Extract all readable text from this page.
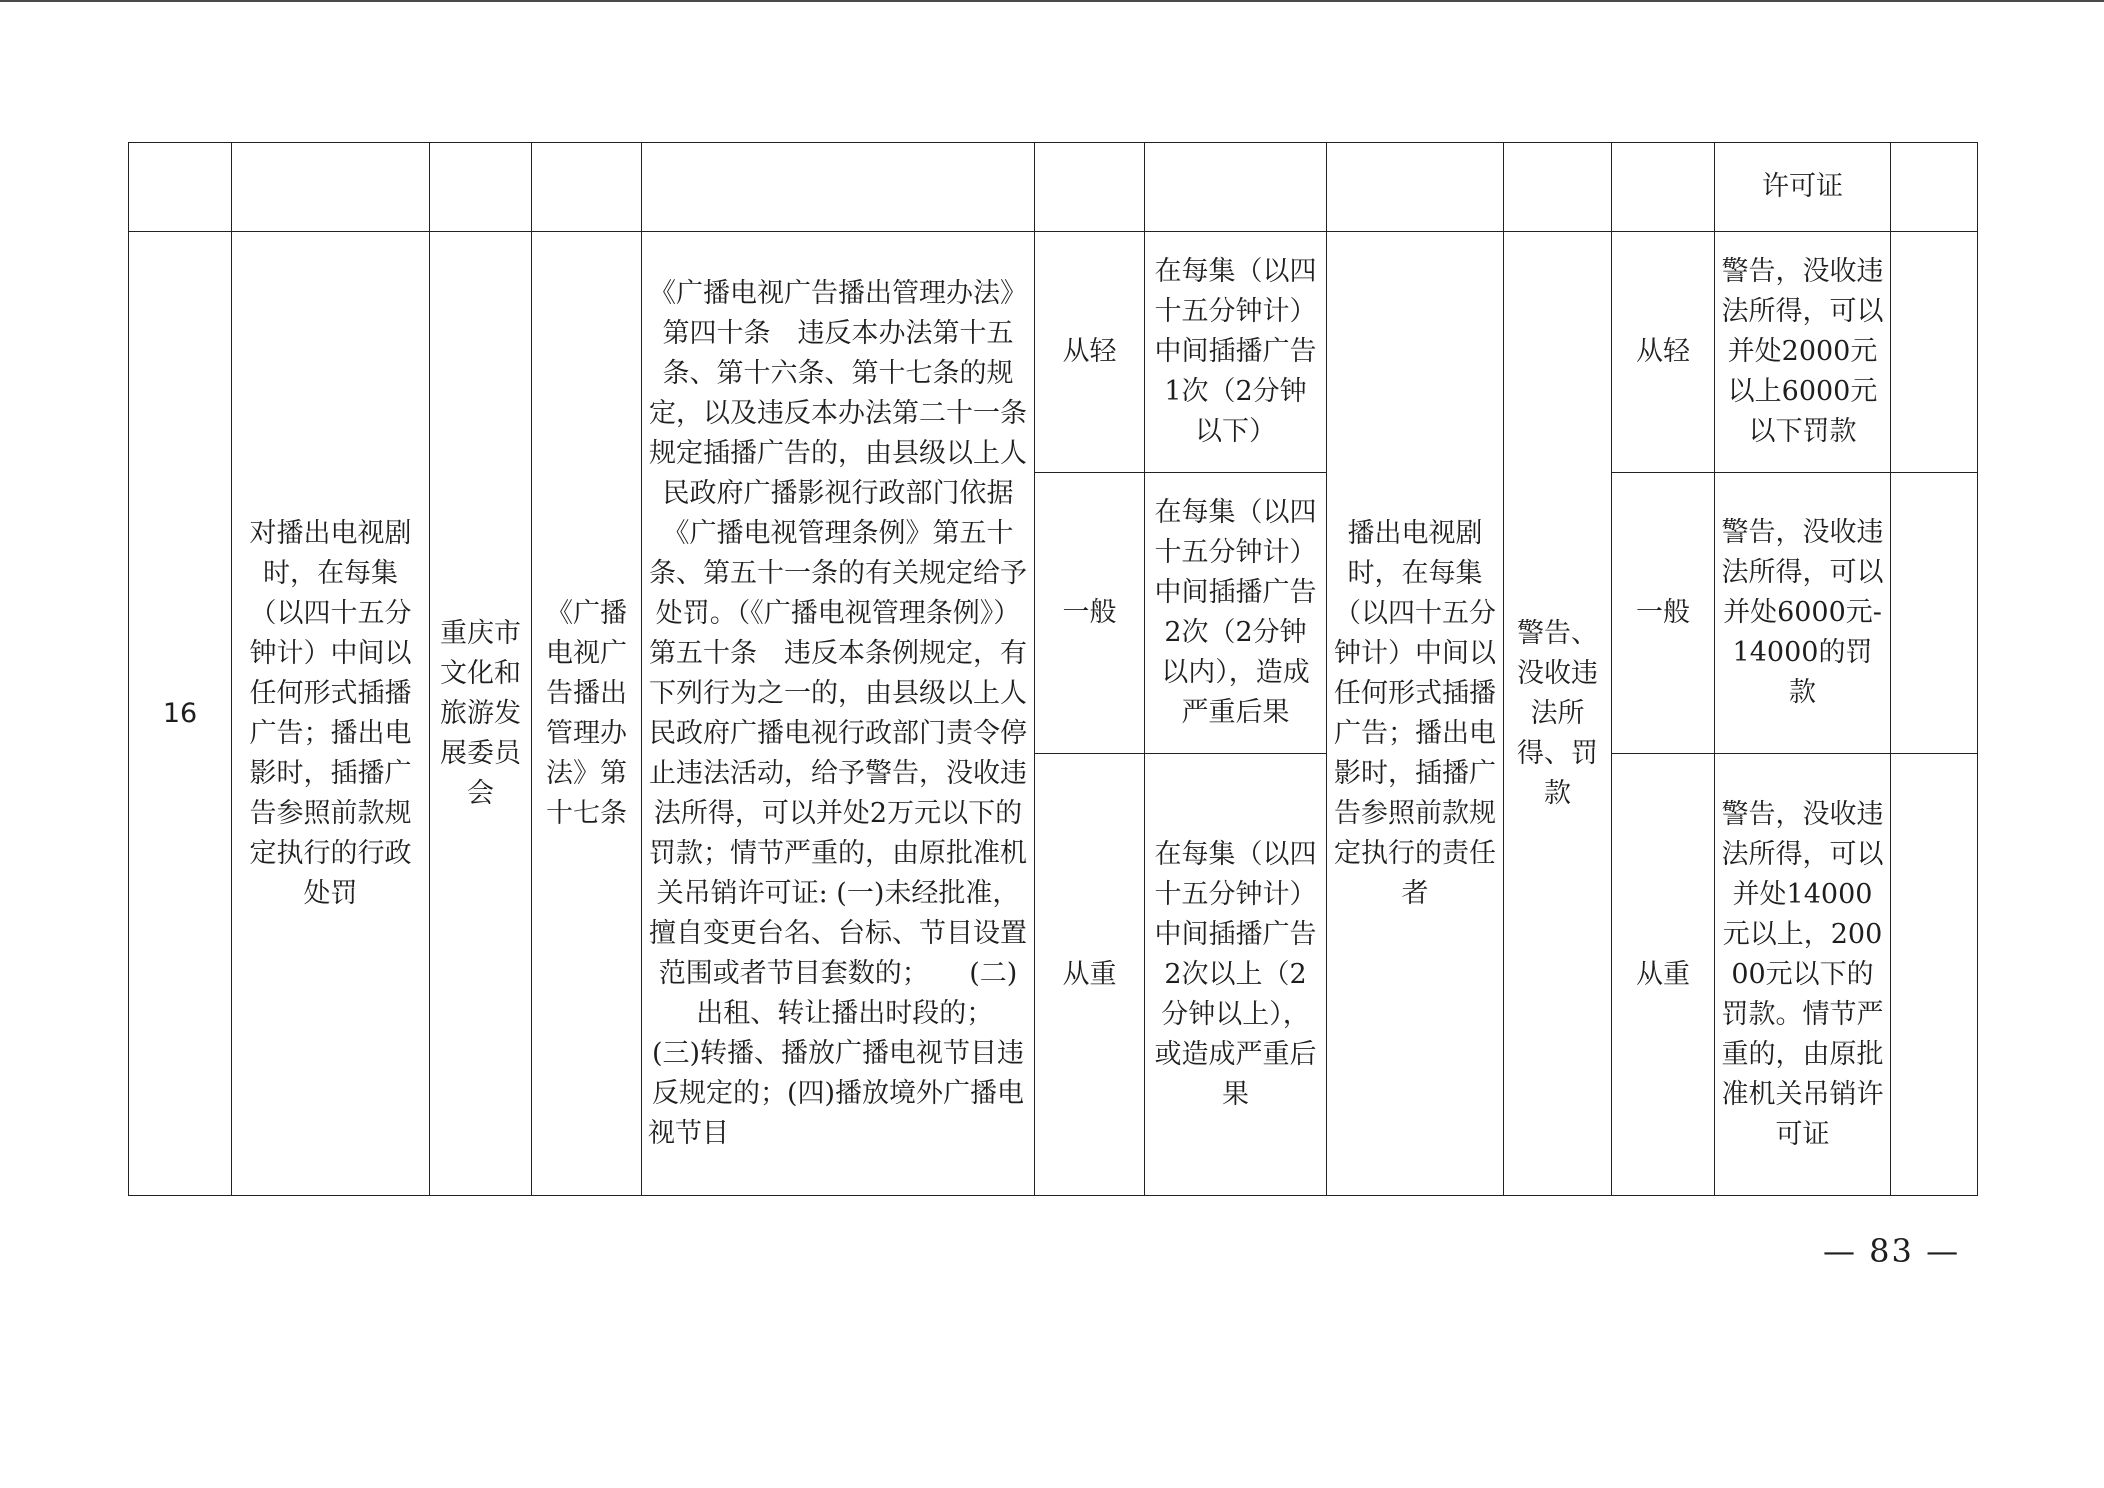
										许可证	
16	对播出电视剧时，在每集（以四十五分钟计）中间以任何形式插播广告；播出电影时，插播广告参照前款规定执行的行政处罚	重庆市文化和旅游发展委员会	《广播电视广告播出管理办法》第十七条	《广播电视广告播出管理办法》第四十条　违反本办法第十五条、第十六条、第十七条的规定，以及违反本办法第二十一条规定插播广告的，由县级以上人民政府广播影视行政部门依据《广播电视管理条例》第五十条、第五十一条的有关规定给予处罚。（《广播电视管理条例》）第五十条　违反本条例规定，有下列行为之一的，由县级以上人民政府广播电视行政部门责令停止违法活动，给予警告，没收违法所得，可以并处2万元以下的罚款；情节严重的，由原批准机关吊销许可证: (一)未经批准，擅自变更台名、台标、节目设置范围或者节目套数的；　　(二)出租、转让播出时段的；　　(三)转播、播放广播电视节目违反规定的；(四)播放境外广播电视节目	从轻	在每集（以四十五分钟计）中间插播广告1次（2分钟以下）	播出电视剧时，在每集（以四十五分钟计）中间以任何形式插播广告；播出电影时，插播广告参照前款规定执行的责任者	警告、没收违法所得、罚款	从轻	警告，没收违法所得，可以并处2000元以上6000元以下罚款	
					一般	在每集（以四十五分钟计）中间插播广告2次（2分钟以内），造成严重后果			一般	警告，没收违法所得，可以并处6000元-14000的罚款	
					从重	在每集（以四十五分钟计）中间插播广告2次以上（2分钟以上），或造成严重后果			从重	警告，没收违法所得，可以并处14000元以上，20000元以下的罚款。情节严重的，由原批准机关吊销许可证	
— 83 —
